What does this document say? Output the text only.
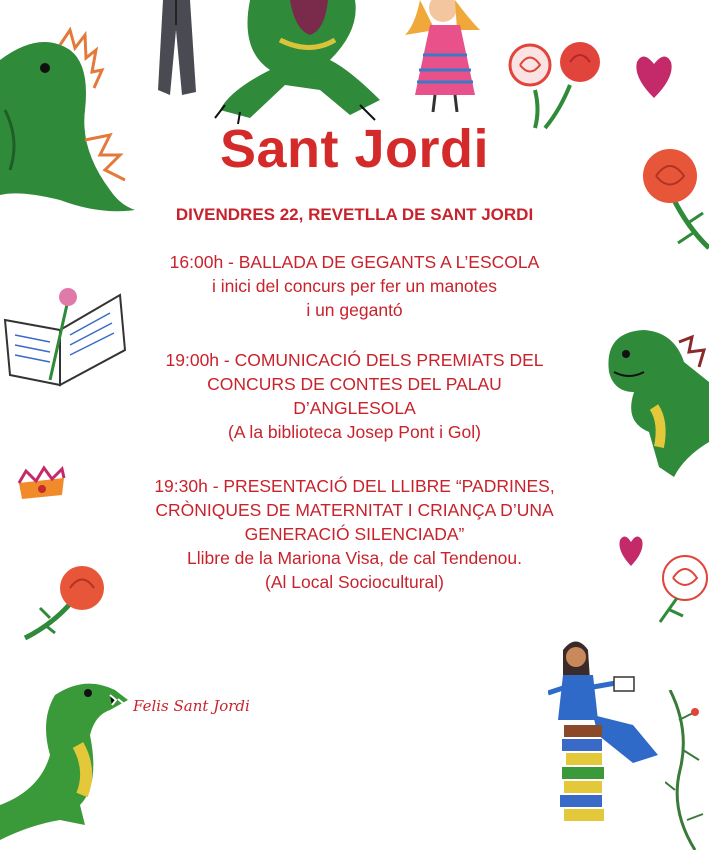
Felis Sant Jordi
Sant Jordi
DIVENDRES 22, REVETLLA DE SANT JORDI
16:00h - BALLADA DE GEGANTS A L’ESCOLA
i inici del concurs per fer un manotes
i un gegantó
19:00h - COMUNICACIÓ DELS PREMIATS DEL
CONCURS DE CONTES DEL PALAU
D’ANGLESOLA
(A la biblioteca Josep Pont i Gol)
19:30h - PRESENTACIÓ DEL LLIBRE “PADRINES,
CRÒNIQUES DE MATERNITAT I CRIANÇA D’UNA
GENERACIÓ SILENCIADA”
Llibre de la Mariona Visa, de cal Tendenou.
(Al Local Sociocultural)
